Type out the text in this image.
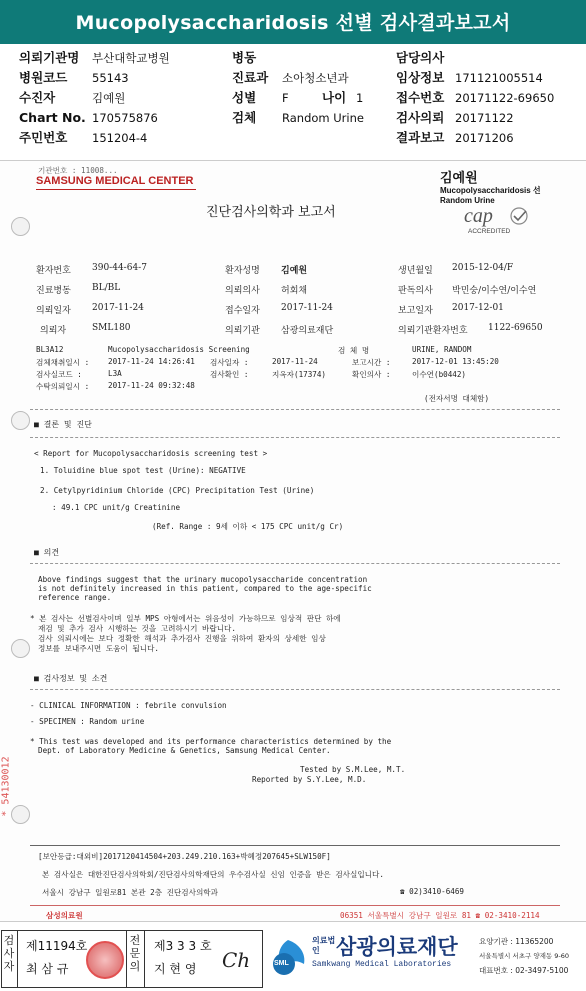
Mucopolysaccharidosis 선별 검사결과보고서
의뢰기관명 부산대학교병원	병동	담당의사
병원코드 55143	진료과 소아청소년과	임상정보 171121005514
수진자	김예원	성별 F	나이 1	접수번호 20171122-69650
Chart No. 170575876	검체 Random Urine	검사의뢰 20171122
주민번호 151204-4	결과보고 20171206
기관번호 : 11008...
SAMSUNG MEDICAL CENTER	김예원
Mucopolysaccharidosis 선
Random Urine
cap
ACCREDITED
진단검사의학과 보고서
환자번호 390-44-64-7	환자성명 김예원	생년월일 2015-12-04/F
진료병동 BL/BL	의뢰의사 허회채	판독의사 박민숭/이수연/이수연
의뢰일자 2017-11-24	접수일자 2017-11-24	보고일자 2017-12-01
의뢰자	SML180	의뢰기관 삼광의료재단	의뢰기관환자번호 1122-69650
BL3A12	Mucopolysaccharidosis Screening	검 체 명	URINE, RANDOM
검체채취일시 : 2017-11-24 14:26:41 검사일자 :	2017-11-24	보고시간 :	2017-12-01 13:45:20
검사실코드 :	L3A	검사확인 :	지옥자(17374)	확인의사 :	이수연(b0442)
수탁의뢰일시 : 2017-11-24 09:32:48
(전자서명 대체함)
■ 결론 및 진단
< Report for Mucopolysaccharidosis screening test >
1. Toluidine blue spot test (Urine): NEGATIVE
2. Cetylpyridinium Chloride (CPC) Precipitation Test (Urine)
: 49.1 CPC unit/g Creatinine
(Ref. Range : 9세 이하 < 175 CPC unit/g Cr)
■ 의견
Above findings suggest that the urinary mucopolysaccharide concentration
is not definitely increased in this patient, compared to the age-specific
reference range.
* 본 검사는 선별검사이며 일부 MPS 아형에서는 위음성이 가능하므로 임상적 판단 하에
재검 및 추가 검사 시행하는 것을 고려하시기 바랍니다.
검사 의뢰시에는 보다 정확한 해석과 추가검사 진행을 위하여 환자의 상세한 임상
정보를 보내주시면 도움이 됩니다.
■ 검사정보 및 소견
- CLINICAL INFORMATION : febrile convulsion
- SPECIMEN : Random urine
* This test was developed and its performance characteristics determined by the
Dept. of Laboratory Medicine & Genetics, Samsung Medical Center.
Tested by S.M.Lee, M.T.
Reported by S.Y.Lee, M.D.
* 54130012
[보안등급:대외비]2017120414504+203.249.210.163+박혜정207645+SLW150F]
본 검사실은 대한진단검사의학회/진단검사의학재단의 우수검사실 신임 인증을 받은 검사실입니다.
서울시 강남구 일원로81 본관 2층 진단검사의학과	☎ 02)3410-6469
삼성의료원	06351 서울특별시 강남구 일원로 81 ☎ 02-3410-2114
검사자
제11194호
최 삼 규
전문의
제3 3 3 호
지 현 영 Ch	SML
의료법인 삼광의료재단
Samkwang Medical Laboratories
요양기관 : 11365200
서울특별시 서초구 양재동 9-60
대표번호 : 02-3497-5100
